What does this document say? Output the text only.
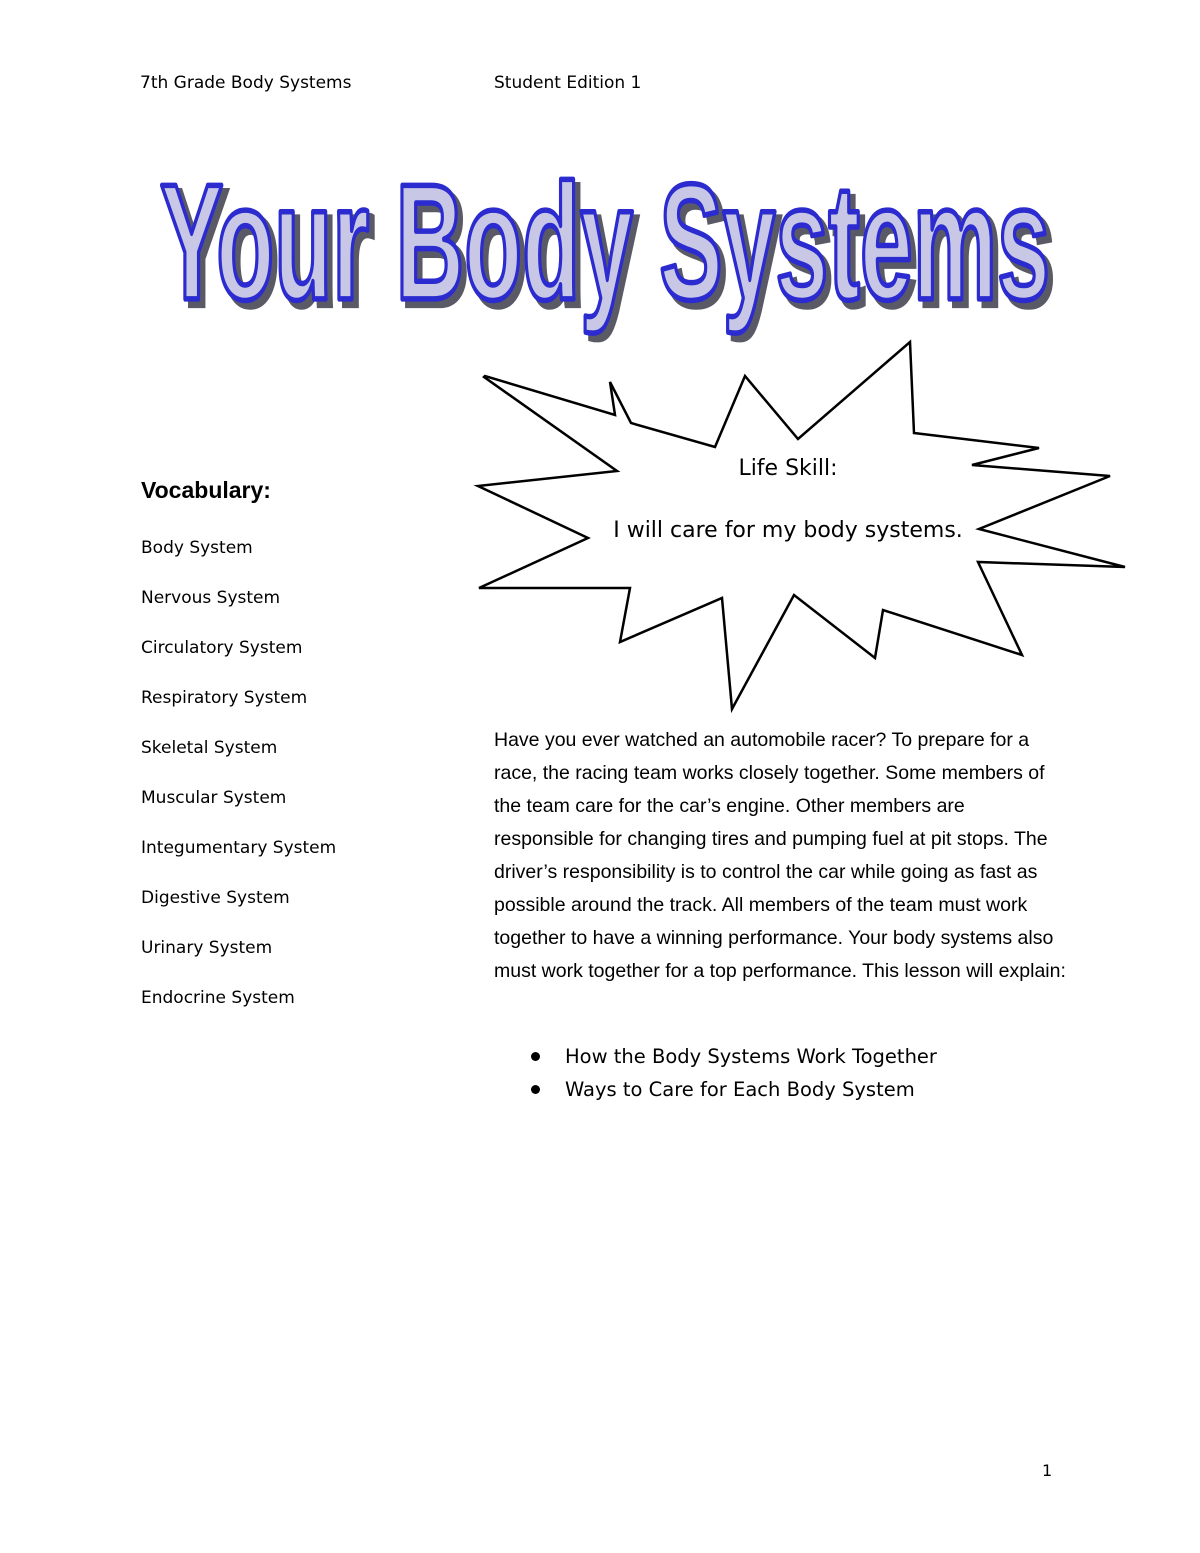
7th Grade Body Systems	Student Edition 1
Your Body Systems
Your Body Systems
Life Skill:
I will care for my body systems.
Vocabulary:
Body System
Nervous System
Circulatory System
Respiratory System
Skeletal System
Muscular System
Integumentary System
Digestive System
Urinary System
Endocrine System
Have you ever watched an automobile racer? To prepare for a race, the racing team works closely together. Some members of the team care for the car’s engine. Other members are responsible for changing tires and pumping fuel at pit stops. The driver’s responsibility is to control the car while going as fast as possible around the track. All members of the team must work together to have a winning performance. Your body systems also must work together for a top performance. This lesson will explain:
How the Body Systems Work Together
Ways to Care for Each Body System
1
